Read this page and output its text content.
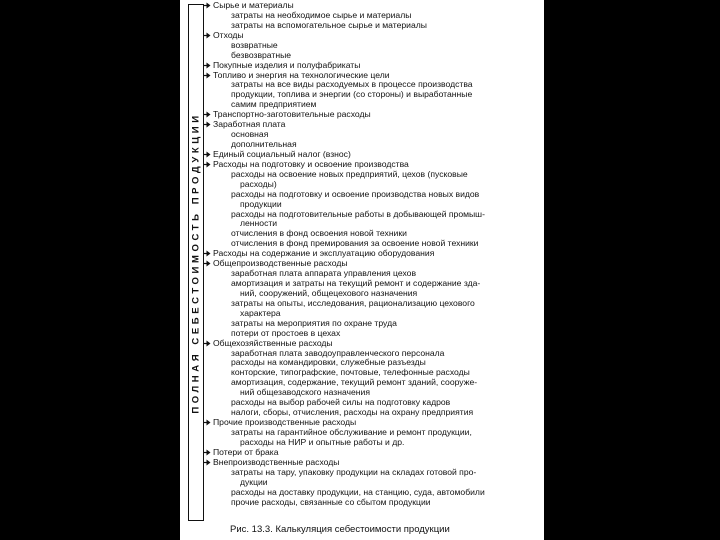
ПОЛНАЯ СЕБЕСТОИМОСТЬ ПРОДУКЦИИ
Сырье и материалы
затраты на необходимое сырье и материалы
затраты на вспомогательное сырье и материалы
Отходы
возвратные
безвозвратные
Покупные изделия и полуфабрикаты
Топливо и энергия на технологические цели
затраты на все виды расходуемых в процессе производства
продукции, топлива и энергии (со стороны) и выработанные
самим предприятием
Транспортно-заготовительные расходы
Заработная плата
основная
дополнительная
Единый социальный налог (взнос)
Расходы на подготовку и освоение производства
расходы на освоение новых предприятий, цехов (пусковые
расходы)
расходы на подготовку и освоение производства новых видов
продукции
расходы на подготовительные работы в добывающей промыш-
ленности
отчисления в фонд освоения новой техники
отчисления в фонд премирования за освоение новой техники
Расходы на содержание и эксплуатацию оборудования
Общепроизводственные расходы
заработная плата аппарата управления цехов
амортизация и затраты на текущий ремонт и содержание зда-
ний, сооружений, общецехового назначения
затраты на опыты, исследования, рационализацию цехового
характера
затраты на мероприятия по охране труда
потери от простоев в цехах
Общехозяйственные расходы
заработная плата заводоуправленческого персонала
расходы на командировки, служебные разъезды
конторские, типографские, почтовые, телефонные расходы
амортизация, содержание, текущий ремонт зданий, сооруже-
ний общезаводского назначения
расходы на выбор рабочей силы на подготовку кадров
налоги, сборы, отчисления, расходы на охрану предприятия
Прочие производственные расходы
затраты на гарантийное обслуживание и ремонт продукции,
расходы на НИР и опытные работы и др.
Потери от брака
Внепроизводственные расходы
затраты на тару, упаковку продукции на складах готовой про-
дукции
расходы на доставку продукции, на станцию, суда, автомобили
прочие расходы, связанные со сбытом продукции
Рис. 13.3. Калькуляция себестоимости продукции
